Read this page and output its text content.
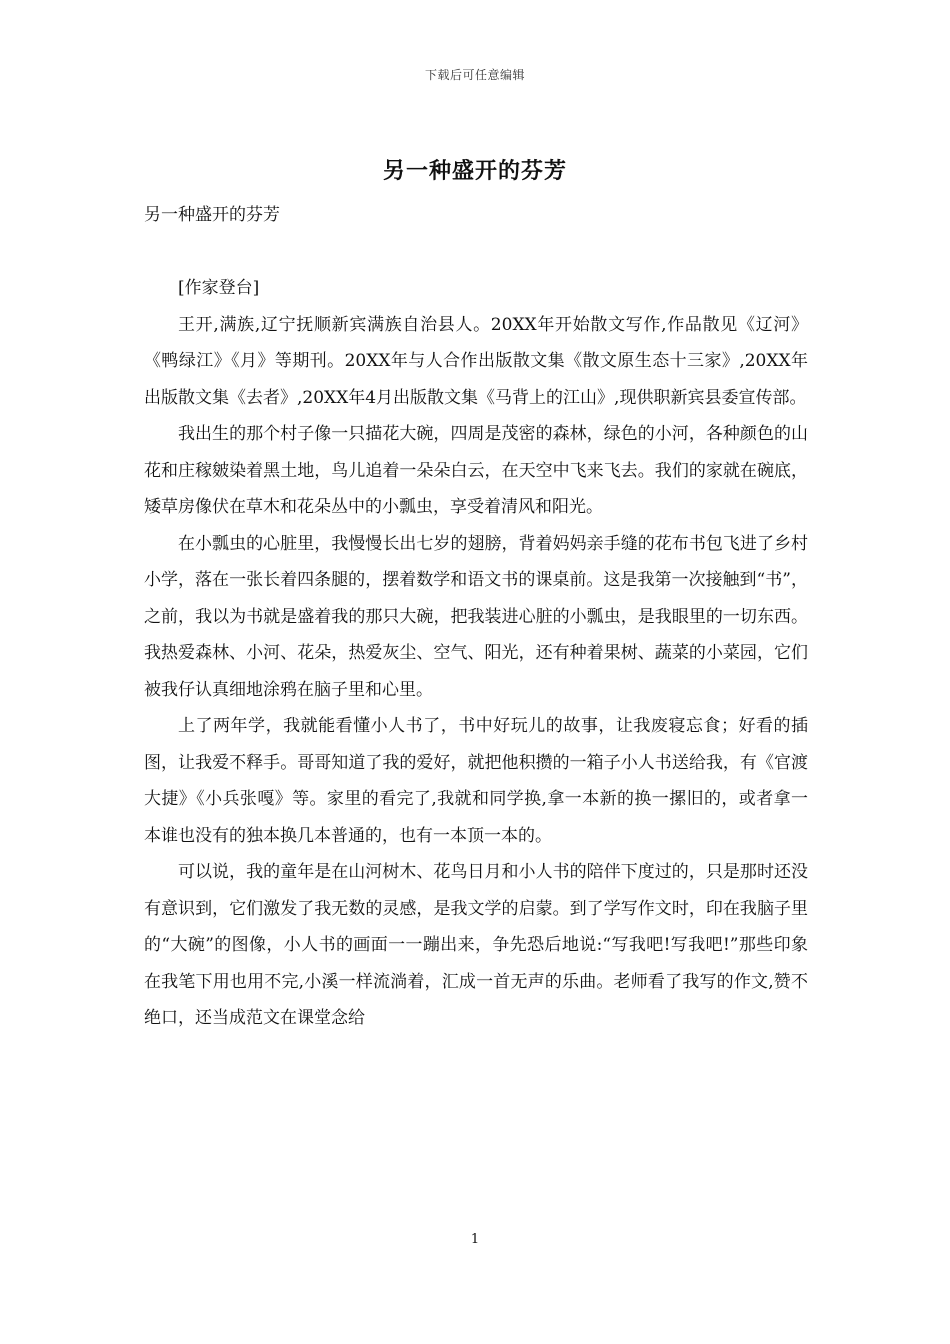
下载后可任意编辑
另一种盛开的芬芳
另一种盛开的芬芳

[作家登台]

王开,满族,辽宁抚顺新宾满族自治县人。20XX年开始散文写作,作品散见《辽河》《鸭绿江》《月》等期刊。20XX年与人合作出版散文集《散文原生态十三家》,20XX年出版散文集《去者》,20XX年4月出版散文集《马背上的江山》,现供职新宾县委宣传部。

我出生的那个村子像一只描花大碗，四周是茂密的森林，绿色的小河，各种颜色的山花和庄稼皴染着黑土地，鸟儿追着一朵朵白云，在天空中飞来飞去。我们的家就在碗底，矮草房像伏在草木和花朵丛中的小瓢虫，享受着清风和阳光。

在小瓢虫的心脏里，我慢慢长出七岁的翅膀，背着妈妈亲手缝的花布书包飞进了乡村小学，落在一张长着四条腿的，摆着数学和语文书的课桌前。这是我第一次接触到“书”，之前，我以为书就是盛着我的那只大碗，把我装进心脏的小瓢虫，是我眼里的一切东西。我热爱森林、小河、花朵，热爱灰尘、空气、阳光，还有种着果树、蔬菜的小菜园，它们被我仔认真细地涂鸦在脑子里和心里。

上了两年学，我就能看懂小人书了，书中好玩儿的故事，让我废寝忘食；好看的插图，让我爱不释手。哥哥知道了我的爱好，就把他积攒的一箱子小人书送给我，有《官渡大捷》《小兵张嘎》等。家里的看完了,我就和同学换,拿一本新的换一摞旧的，或者拿一本谁也没有的独本换几本普通的，也有一本顶一本的。

可以说，我的童年是在山河树木、花鸟日月和小人书的陪伴下度过的，只是那时还没有意识到，它们激发了我无数的灵感，是我文学的启蒙。到了学写作文时，印在我脑子里的“大碗”的图像，小人书的画面一一蹦出来，争先恐后地说:“写我吧!写我吧!”那些印象在我笔下用也用不完,小溪一样流淌着，汇成一首无声的乐曲。老师看了我写的作文,赞不绝口，还当成范文在课堂念给

1
